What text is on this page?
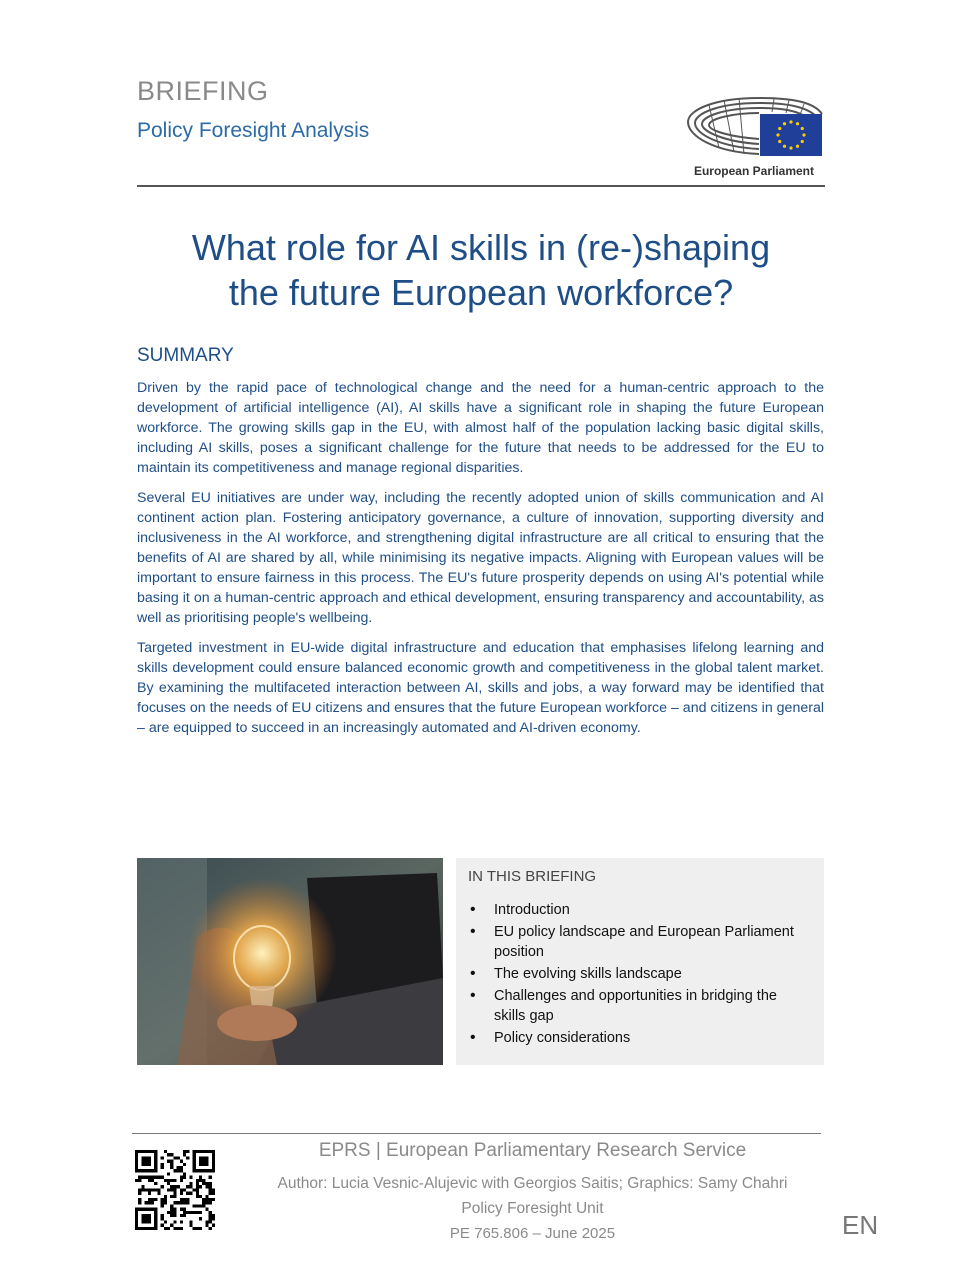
BRIEFING
Policy Foresight Analysis
European Parliament
What role for AI skills in (re-)shaping
the future European workforce?
SUMMARY

Driven by the rapid pace of technological change and the need for a human-centric approach to the development of artificial intelligence (AI), AI skills have a significant role in shaping the future European workforce. The growing skills gap in the EU, with almost half of the population lacking basic digital skills, including AI skills, poses a significant challenge for the future that needs to be addressed for the EU to maintain its competitiveness and manage regional disparities.

Several EU initiatives are under way, including the recently adopted union of skills communication and AI continent action plan. Fostering anticipatory governance, a culture of innovation, supporting diversity and inclusiveness in the AI workforce, and strengthening digital infrastructure are all critical to ensuring that the benefits of AI are shared by all, while minimising its negative impacts. Aligning with European values will be important to ensure fairness in this process. The EU's future prosperity depends on using AI's potential while basing it on a human-centric approach and ethical development, ensuring transparency and accountability, as well as prioritising people's wellbeing.

Targeted investment in EU-wide digital infrastructure and education that emphasises lifelong learning and skills development could ensure balanced economic growth and competitiveness in the global talent market. By examining the multifaceted interaction between AI, skills and jobs, a way forward may be identified that focuses on the needs of EU citizens and ensures that the future European workforce – and citizens in general – are equipped to succeed in an increasingly automated and AI-driven economy.

IN THIS BRIEFING
• Introduction
• EU policy landscape and European Parliament position
• The evolving skills landscape
• Challenges and opportunities in bridging the skills gap
• Policy considerations
EPRS | European Parliamentary Research Service
Author: Lucia Vesnic-Alujevic with Georgios Saitis; Graphics: Samy Chahri
Policy Foresight Unit
PE 765.806 – June 2025	EN
